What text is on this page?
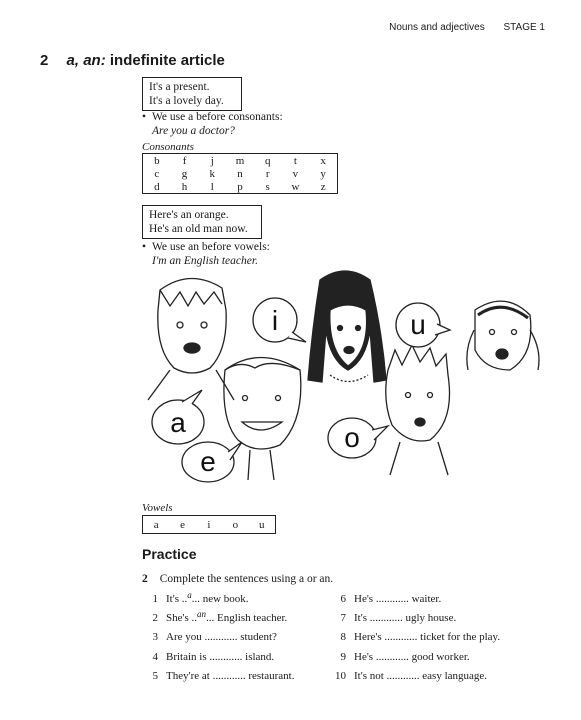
Nouns and adjectives STAGE 1
2 a, an: indefinite article
It's a present.
It's a lovely day.
• We use a before consonants:
Are you a doctor?
Consonants
b	f	j	m	q	t	x
c	g	k	n	r	v	y
d	h	l	p	s	w	z
Here's an orange.
He's an old man now.
• We use an before vowels:
I'm an English teacher.
i	u
a
e
o
Vowels
a	e	i	o	u
Practice
2 Complete the sentences using a or an.
1 It's ..$^a$... new book.
2 She's ..$^{an}$... English teacher.
3 Are you ............ student?
4 Britain is ............ island.
5 They're at ............ restaurant.
6 He's ............ waiter.
7 It's ............ ugly house.
8 Here's ............ ticket for the play.
9 He's ............ good worker.
10 It's not ............ easy language.
